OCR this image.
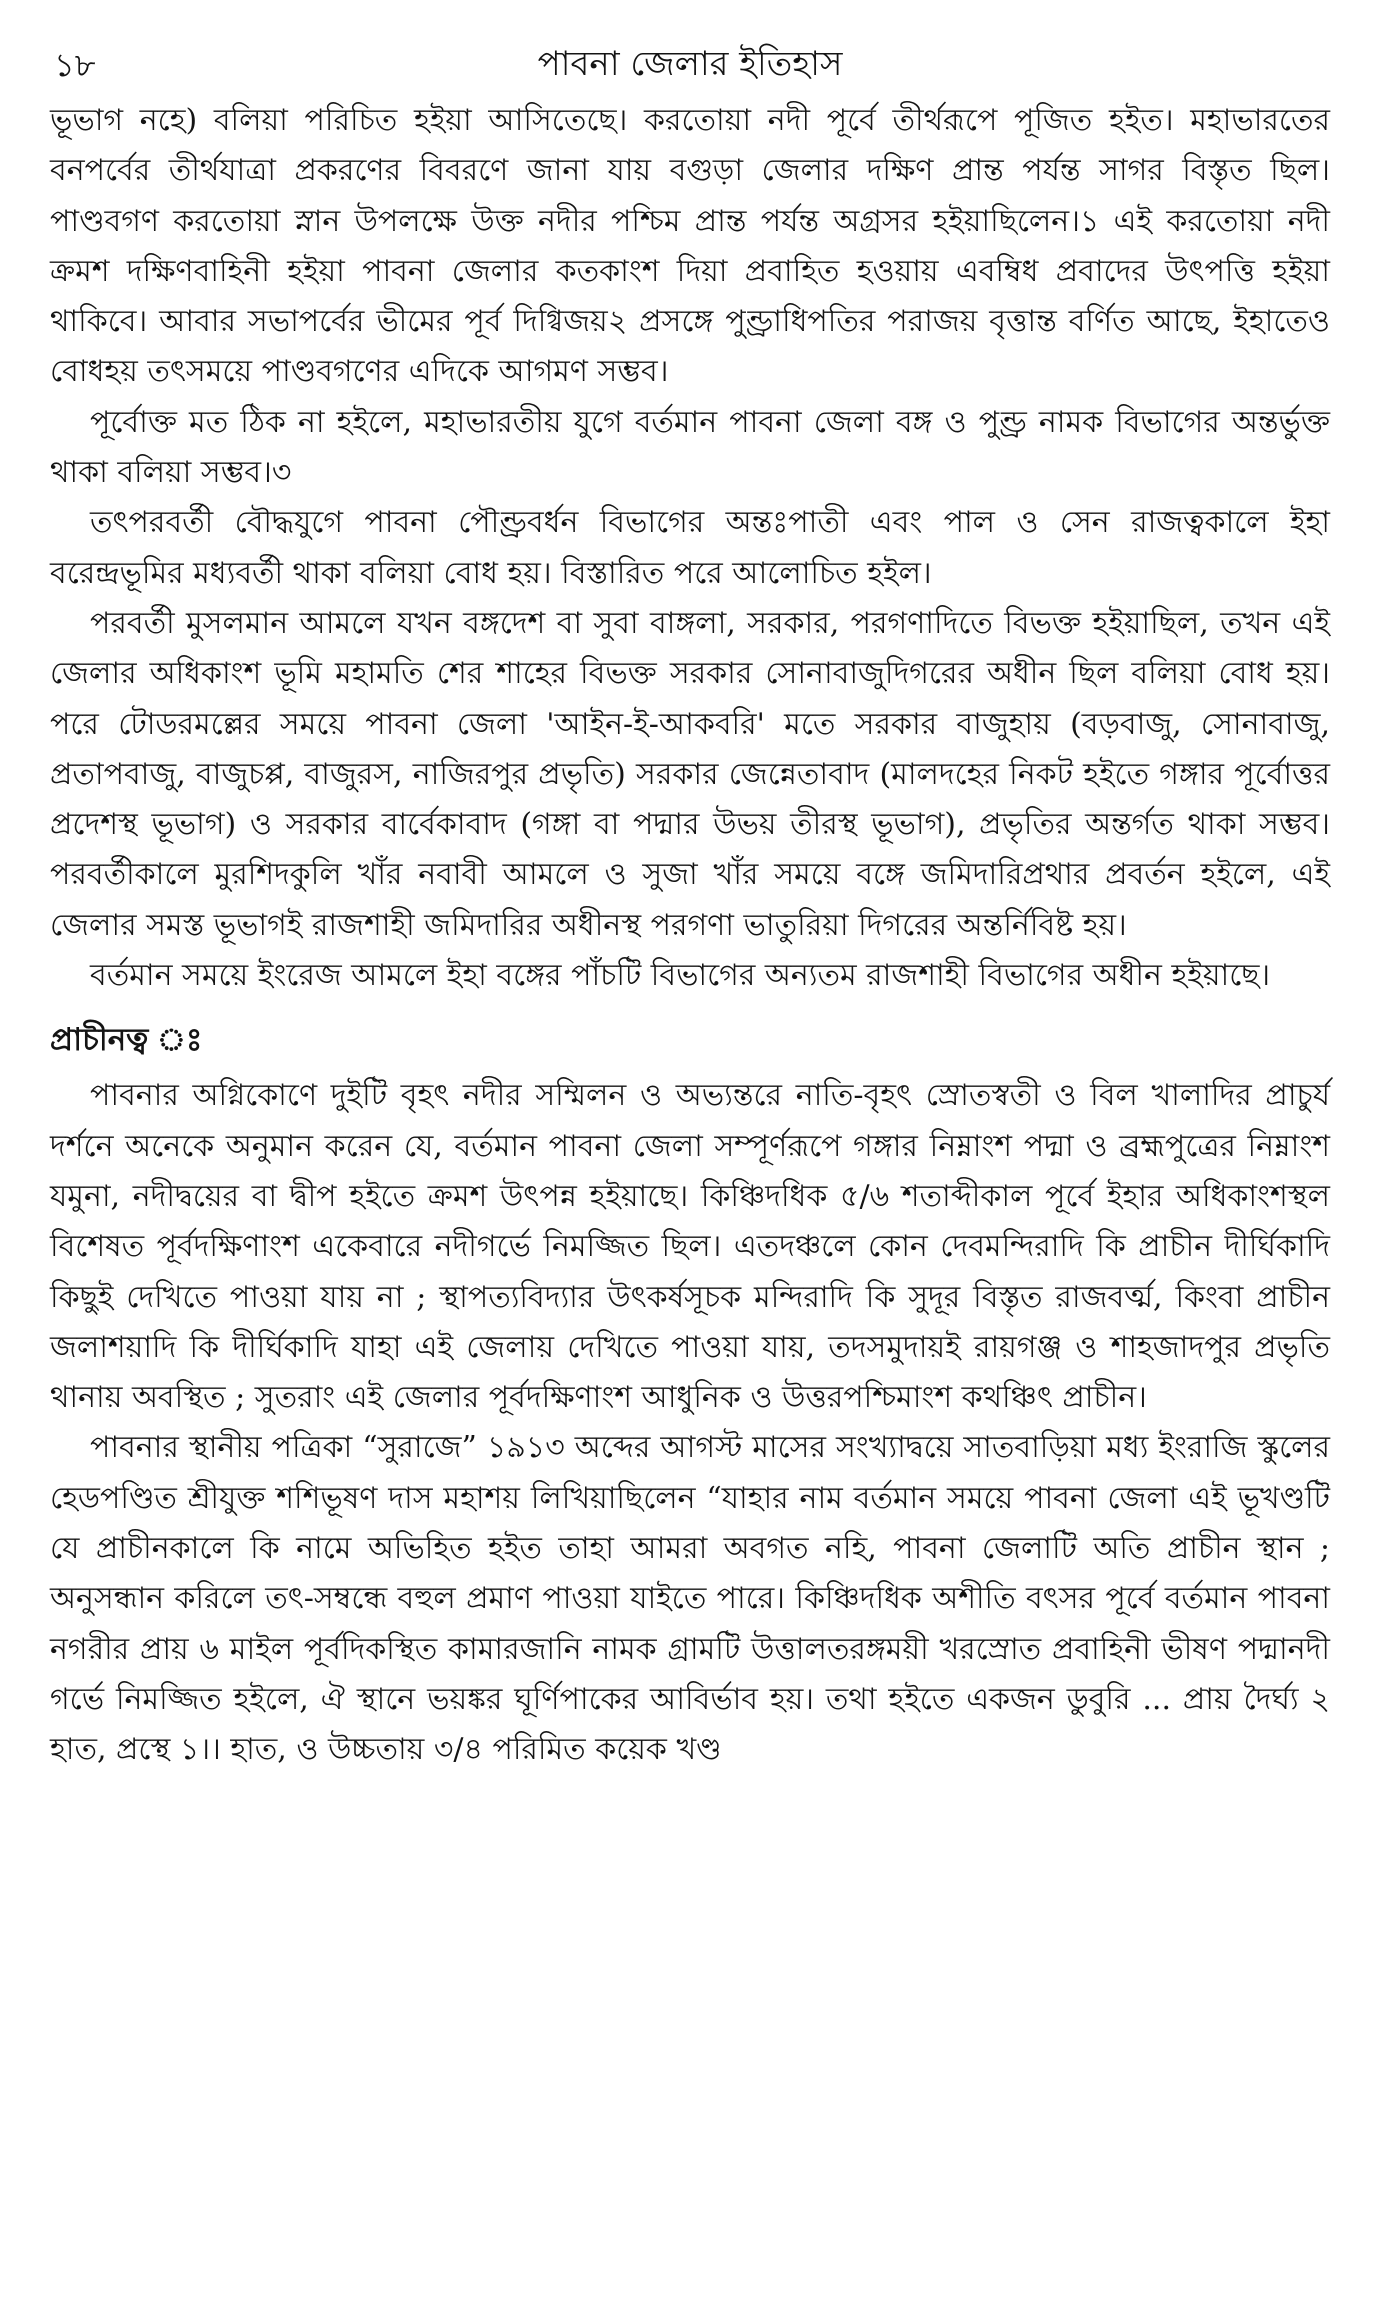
১৮	পাবনা জেলার ইতিহাস

ভূভাগ নহে) বলিয়া পরিচিত হইয়া আসিতেছে। করতোয়া নদী পূর্বে তীর্থরূপে পূজিত হইত। মহাভারতের বনপর্বের তীর্থযাত্রা প্রকরণের বিবরণে জানা যায় বগুড়া জেলার দক্ষিণ প্রান্ত পর্যন্ত সাগর বিস্তৃত ছিল। পাণ্ডবগণ করতোয়া স্নান উপলক্ষে উক্ত নদীর পশ্চিম প্রান্ত পর্যন্ত অগ্রসর হইয়াছিলেন।১ এই করতোয়া নদী ক্রমশ দক্ষিণবাহিনী হইয়া পাবনা জেলার কতকাংশ দিয়া প্রবাহিত হওয়ায় এবম্বিধ প্রবাদের উৎপত্তি হইয়া থাকিবে। আবার সভাপর্বের ভীমের পূর্ব দিগ্বিজয়২ প্রসঙ্গে পুণ্ড্রাধিপতির পরাজয় বৃত্তান্ত বর্ণিত আছে, ইহাতেও বোধহয় তৎসময়ে পাণ্ডবগণের এদিকে আগমণ সম্ভব।

পূর্বোক্ত মত ঠিক না হইলে, মহাভারতীয় যুগে বর্তমান পাবনা জেলা বঙ্গ ও পুণ্ড্র নামক বিভাগের অন্তর্ভুক্ত থাকা বলিয়া সম্ভব।৩

তৎপরবর্তী বৌদ্ধযুগে পাবনা পৌণ্ড্রবর্ধন বিভাগের অন্তঃপাতী এবং পাল ও সেন রাজত্বকালে ইহা বরেন্দ্রভূমির মধ্যবর্তী থাকা বলিয়া বোধ হয়। বিস্তারিত পরে আলোচিত হইল।

পরবর্তী মুসলমান আমলে যখন বঙ্গদেশ বা সুবা বাঙ্গলা, সরকার, পরগণাদিতে বিভক্ত হইয়াছিল, তখন এই জেলার অধিকাংশ ভূমি মহামতি শের শাহের বিভক্ত সরকার সোনাবাজুদিগরের অধীন ছিল বলিয়া বোধ হয়। পরে টোডরমল্লের সময়ে পাবনা জেলা 'আইন-ই-আকবরি' মতে সরকার বাজুহায় (বড়বাজু, সোনাবাজু, প্রতাপবাজু, বাজুচপ্প, বাজুরস, নাজিরপুর প্রভৃতি) সরকার জেন্নেতাবাদ (মালদহের নিকট হইতে গঙ্গার পূর্বোত্তর প্রদেশস্থ ভূভাগ) ও সরকার বার্বেকাবাদ (গঙ্গা বা পদ্মার উভয় তীরস্থ ভূভাগ), প্রভৃতির অন্তর্গত থাকা সম্ভব। পরবর্তীকালে মুরশিদকুলি খাঁর নবাবী আমলে ও সুজা খাঁর সময়ে বঙ্গে জমিদারিপ্রথার প্রবর্তন হইলে, এই জেলার সমস্ত ভূভাগই রাজশাহী জমিদারির অধীনস্থ পরগণা ভাতুরিয়া দিগরের অন্তর্নিবিষ্ট হয়।

বর্তমান সময়ে ইংরেজ আমলে ইহা বঙ্গের পাঁচটি বিভাগের অন্যতম রাজশাহী বিভাগের অধীন হইয়াছে।

প্রাচীনত্ব ঃ

পাবনার অগ্নিকোণে দুইটি বৃহৎ নদীর সম্মিলন ও অভ্যন্তরে নাতি-বৃহৎ স্রোতস্বতী ও বিল খালাদির প্রাচুর্য দর্শনে অনেকে অনুমান করেন যে, বর্তমান পাবনা জেলা সম্পূর্ণরূপে গঙ্গার নিম্নাংশ পদ্মা ও ব্রহ্মপুত্রের নিম্নাংশ যমুনা, নদীদ্বয়ের বা দ্বীপ হইতে ক্রমশ উৎপন্ন হইয়াছে। কিঞ্চিদধিক ৫/৬ শতাব্দীকাল পূর্বে ইহার অধিকাংশস্থল বিশেষত পূর্বদক্ষিণাংশ একেবারে নদীগর্ভে নিমজ্জিত ছিল। এতদঞ্চলে কোন দেবমন্দিরাদি কি প্রাচীন দীর্ঘিকাদি কিছুই দেখিতে পাওয়া যায় না ; স্থাপত্যবিদ্যার উৎকর্ষসূচক মন্দিরাদি কি সুদূর বিস্তৃত রাজবর্ত্ম, কিংবা প্রাচীন জলাশয়াদি কি দীর্ঘিকাদি যাহা এই জেলায় দেখিতে পাওয়া যায়, তদসমুদায়ই রায়গঞ্জ ও শাহজাদপুর প্রভৃতি থানায় অবস্থিত ; সুতরাং এই জেলার পূর্বদক্ষিণাংশ আধুনিক ও উত্তরপশ্চিমাংশ কথঞ্চিৎ প্রাচীন।

পাবনার স্থানীয় পত্রিকা “সুরাজে” ১৯১৩ অব্দের আগস্ট মাসের সংখ্যাদ্বয়ে সাতবাড়িয়া মধ্য ইংরাজি স্কুলের হেডপণ্ডিত শ্রীযুক্ত শশিভূষণ দাস মহাশয় লিখিয়াছিলেন “যাহার নাম বর্তমান সময়ে পাবনা জেলা এই ভূখণ্ডটি যে প্রাচীনকালে কি নামে অভিহিত হইত তাহা আমরা অবগত নহি, পাবনা জেলাটি অতি প্রাচীন স্থান ; অনুসন্ধান করিলে তৎ-সম্বন্ধে বহুল প্রমাণ পাওয়া যাইতে পারে। কিঞ্চিদধিক অশীতি বৎসর পূর্বে বর্তমান পাবনা নগরীর প্রায় ৬ মাইল পূর্বদিকস্থিত কামারজানি নামক গ্রামটি উত্তালতরঙ্গময়ী খরস্রোত প্রবাহিনী ভীষণ পদ্মানদী গর্ভে নিমজ্জিত হইলে, ঐ স্থানে ভয়ঙ্কর ঘূর্ণিপাকের আবির্ভাব হয়। তথা হইতে একজন ডুবুরি ... প্রায় দৈর্ঘ্য ২ হাত, প্রস্থে ১।। হাত, ও উচ্চতায় ৩/৪ পরিমিত কয়েক খণ্ড
